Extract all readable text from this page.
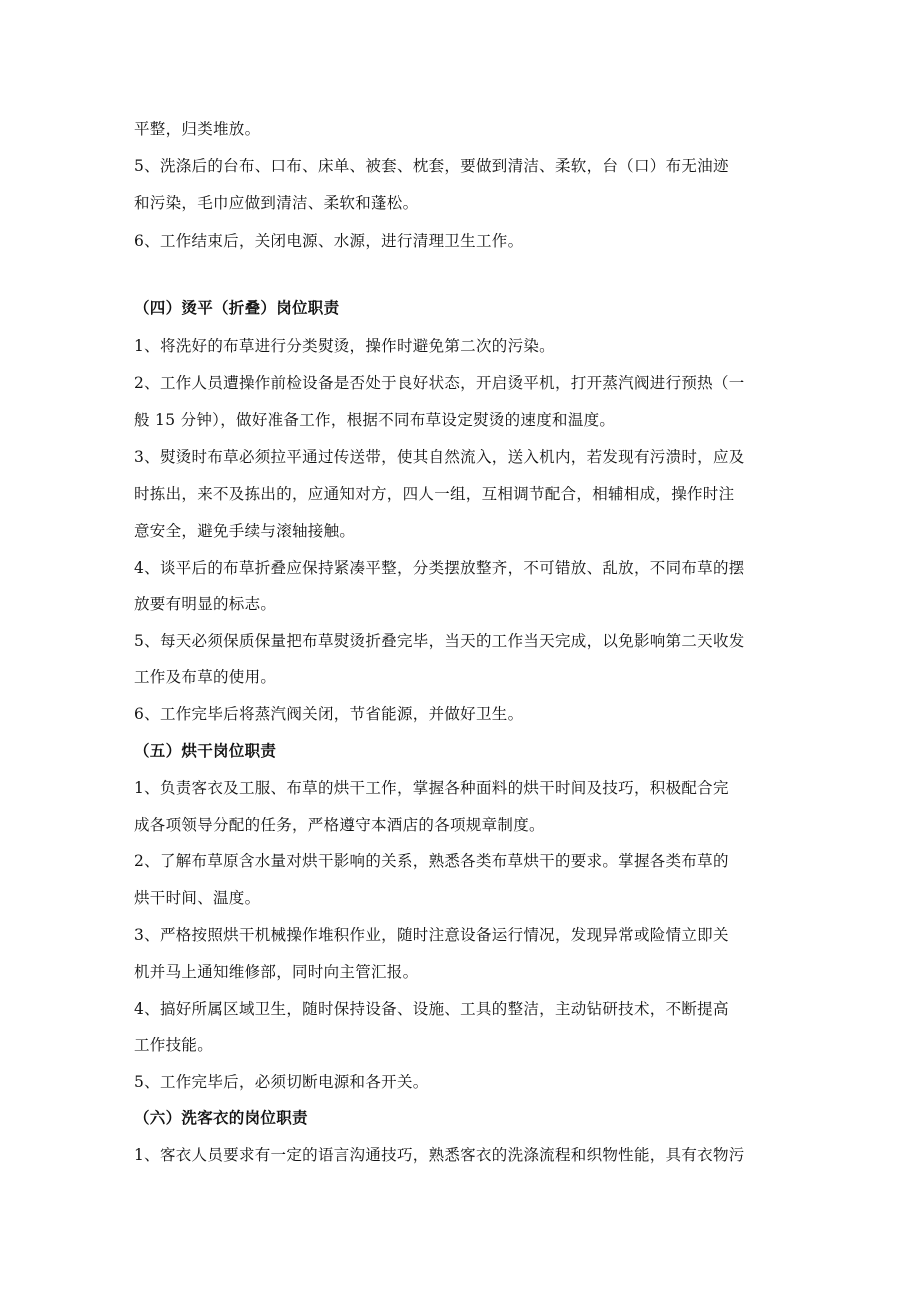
平整，归类堆放。
5、洗涤后的台布、口布、床单、被套、枕套，要做到清洁、柔软，台（口）布无油迹
和污染，毛巾应做到清洁、柔软和蓬松。
6、工作结束后，关闭电源、水源，进行清理卫生工作。
（四）烫平（折叠）岗位职责
1、将洗好的布草进行分类熨烫，操作时避免第二次的污染。
2、工作人员遭操作前检设备是否处于良好状态，开启烫平机，打开蒸汽阀进行预热（一
般 15 分钟），做好准备工作，根据不同布草设定熨烫的速度和温度。
3、熨烫时布草必须拉平通过传送带，使其自然流入，送入机内，若发现有污溃时，应及
时拣出，来不及拣出的，应通知对方，四人一组，互相调节配合，相辅相成，操作时注
意安全，避免手续与滚轴接触。
4、谈平后的布草折叠应保持紧凑平整，分类摆放整齐，不可错放、乱放，不同布草的摆
放要有明显的标志。
5、每天必须保质保量把布草熨烫折叠完毕，当天的工作当天完成，以免影响第二天收发
工作及布草的使用。
6、工作完毕后将蒸汽阀关闭，节省能源，并做好卫生。
（五）烘干岗位职责
1、负责客衣及工服、布草的烘干工作，掌握各种面料的烘干时间及技巧，积极配合完
成各项领导分配的任务，严格遵守本酒店的各项规章制度。
2、了解布草原含水量对烘干影响的关系，熟悉各类布草烘干的要求。掌握各类布草的
烘干时间、温度。
3、严格按照烘干机械操作堆积作业，随时注意设备运行情况，发现异常或险情立即关
机并马上通知维修部，同时向主管汇报。
4、搞好所属区域卫生，随时保持设备、设施、工具的整洁，主动钻研技术，不断提高
工作技能。
5、工作完毕后，必须切断电源和各开关。
（六）洗客衣的岗位职责
1、客衣人员要求有一定的语言沟通技巧，熟悉客衣的洗涤流程和织物性能，具有衣物污
